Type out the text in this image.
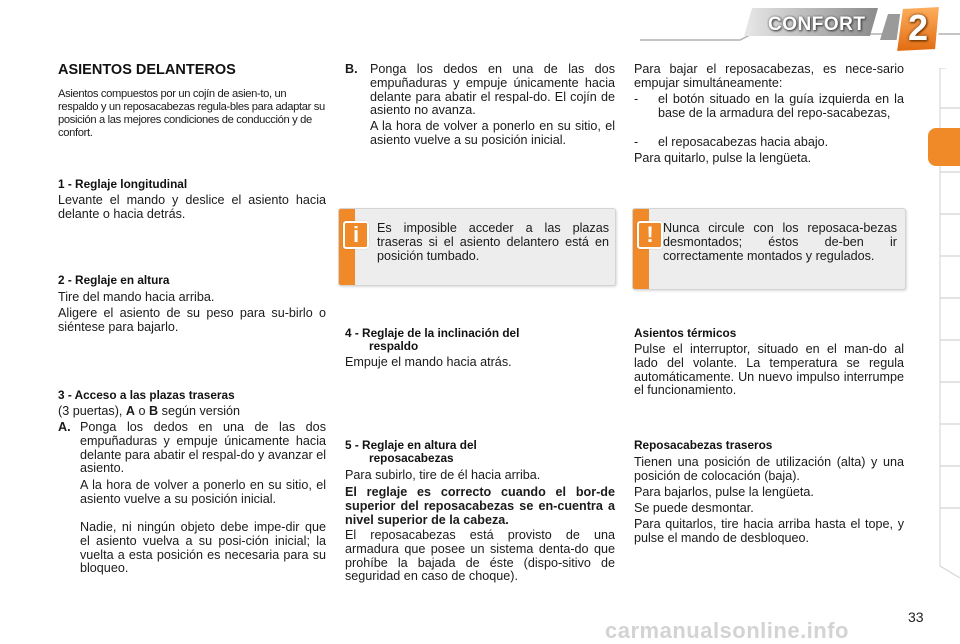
CONFORT 2
ASIENTOS DELANTEROS
Asientos compuestos por un cojín de asien-to, un respaldo y un reposacabezas regula-bles para adaptar su posición a las mejores condiciones de conducción y de confort.
1 - Reglaje longitudinal
Levante el mando y deslice el asiento hacia delante o hacia detrás.
2 - Reglaje en altura
Tire del mando hacia arriba.
Aligere el asiento de su peso para su-birlo o siéntese para bajarlo.
3 - Acceso a las plazas traseras
(3 puertas), A o B según versión
A. Ponga los dedos en una de las dos empuñaduras y empuje únicamente hacia delante para abatir el respal-do y avanzar el asiento.
A la hora de volver a ponerlo en su sitio, el asiento vuelve a su posición inicial.
Nadie, ni ningún objeto debe impe-dir que el asiento vuelva a su posi-ción inicial; la vuelta a esta posición es necesaria para su bloqueo.
B. Ponga los dedos en una de las dos empuñaduras y empuje únicamente hacia delante para abatir el respal-do. El cojín de asiento no avanza.
A la hora de volver a ponerlo en su sitio, el asiento vuelve a su posición inicial.
i	Es imposible acceder a las plazas traseras si el asiento delantero está en posición tumbado.
4 - Reglaje de la inclinación del
respaldo
Empuje el mando hacia atrás.
5 - Reglaje en altura del
reposacabezas
Para subirlo, tire de él hacia arriba.
El reglaje es correcto cuando el bor-de superior del reposacabezas se en-cuentra a nivel superior de la cabeza.
El reposacabezas está provisto de una armadura que posee un sistema denta-do que prohíbe la bajada de éste (dispo-sitivo de seguridad en caso de choque).
Para bajar el reposacabezas, es nece-sario empujar simultáneamente:
- el botón situado en la guía izquierda en la base de la armadura del repo-sacabezas,
- el reposacabezas hacia abajo.
Para quitarlo, pulse la lengüeta.
! Nunca circule con los reposaca-bezas desmontados; éstos de-ben ir correctamente montados y regulados.
Asientos térmicos
Pulse el interruptor, situado en el man-do al lado del volante. La temperatura se regula automáticamente. Un nuevo impulso interrumpe el funcionamiento.
Reposacabezas traseros
Tienen una posición de utilización (alta) y una posición de colocación (baja).
Para bajarlos, pulse la lengüeta.
Se puede desmontar.
Para quitarlos, tire hacia arriba hasta el tope, y pulse el mando de desbloqueo.
carmanualsonline.info
33
